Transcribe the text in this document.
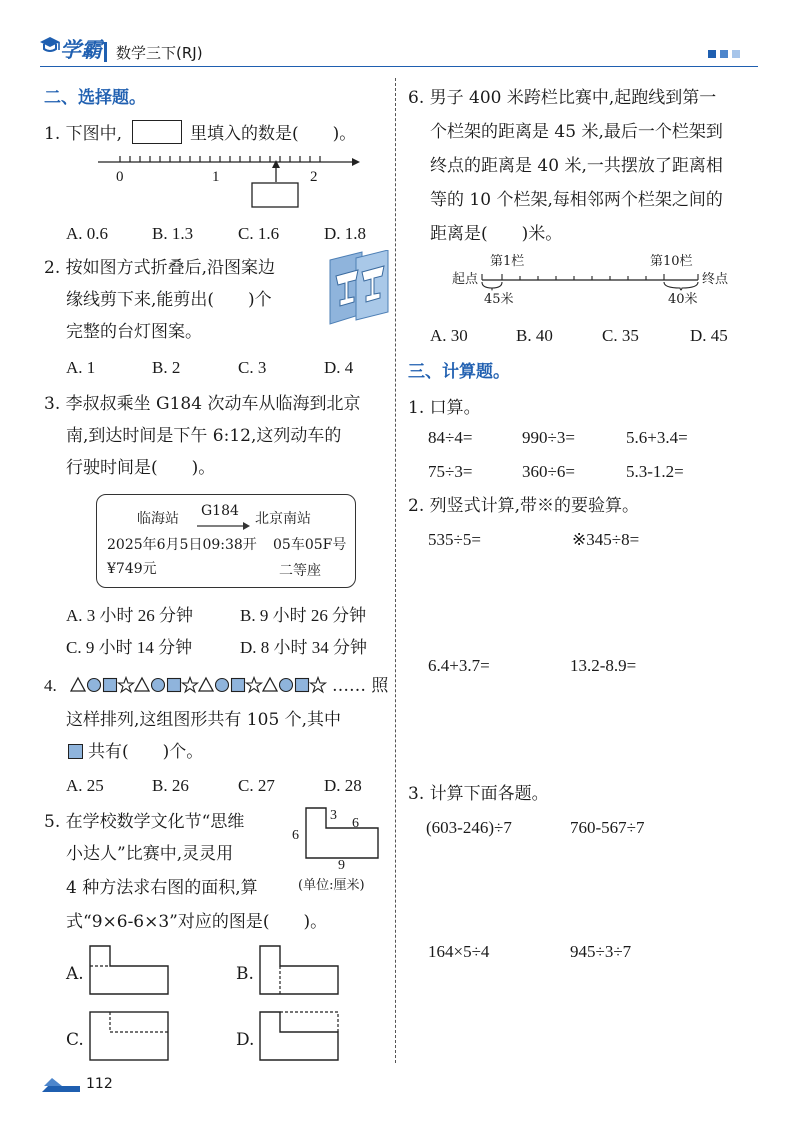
学霸 数学三下(RJ)
二、选择题。
1. 下图中,	里填入的数是(　　)。
0	1	2
A. 0.6	B. 1.3	C. 1.6	D. 1.8
2. 按如图方式折叠后,沿图案边
缘线剪下来,能剪出(　　)个
完整的台灯图案。
A. 1	B. 2	C. 3	D. 4
3. 李叔叔乘坐 G184 次动车从临海到北京
南,到达时间是下午 6:12,这列动车的
行驶时间是(　　)。
临海站 G184 北京南站
2025年6月5日09:38开 05车05F号
¥749元	二等座
A. 3 小时 26 分钟	B. 9 小时 26 分钟
C. 9 小时 14 分钟	D. 8 小时 34 分钟
4.	…… 照
这样排列,这组图形共有 105 个,其中
共有(　　)个。
A. 25	B. 26	C. 27	D. 28
5. 在学校数学文化节“思维
小达人”比赛中,灵灵用
4 种方法求右图的面积,算
式“9×6-6×3”对应的图是(　　)。
6
3
6
9
(单位:厘米)
A.	B.
C.	D.
112
6. 男子 400 米跨栏比赛中,起跑线到第一
个栏架的距离是 45 米,最后一个栏架到
终点的距离是 40 米,一共摆放了距离相
等的 10 个栏架,每相邻两个栏架之间的
距离是(　　)米。
起点
第1栏	第10栏
终点
45米	40米
A. 30	B. 40	C. 35	D. 45
三、计算题。
1. 口算。
84÷4=	990÷3=	5.6+3.4=
75÷3=	360÷6=	5.3-1.2=
2. 列竖式计算,带※的要验算。
535÷5=	※345÷8=
6.4+3.7=	13.2-8.9=
3. 计算下面各题。
(603-246)÷7	760-567÷7
164×5÷4	945÷3÷7
